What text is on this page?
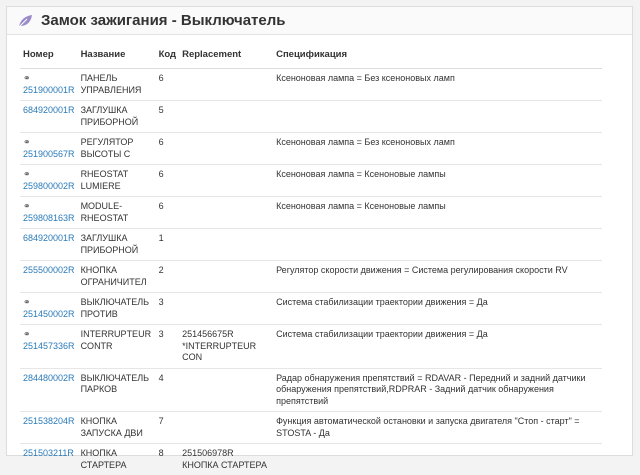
Замок зажигания - Выключатель
Номер	Название	Код	Replacement	Спецификация
⚭251900001R	ПАНЕЛЬ УПРАВЛЕНИЯ	6		Ксеноновая лампа = Без ксеноновых ламп
684920001R	ЗАГЛУШКА ПРИБОРНОЙ	5		
⚭251900567R	РЕГУЛЯТОР ВЫСОТЫ С	6		Ксеноновая лампа = Без ксеноновых ламп
⚭259800002R	RHEOSTAT LUMIERE	6		Ксеноновая лампа = Ксеноновые лампы
⚭259808163R	MODULE-RHEOSTAT	6		Ксеноновая лампа = Ксеноновые лампы
684920001R	ЗАГЛУШКА ПРИБОРНОЙ	1		
255500002R	КНОПКА ОГРАНИЧИТЕЛ	2		Регулятор скорости движения = Система регулирования скорости RV
⚭251450002R	ВЫКЛЮЧАТЕЛЬ ПРОТИВ	3		Система стабилизации траектории движения = Да
⚭251457336R	INTERRUPTEUR CONTR	3	251456675R *INTERRUPTEUR CON	Система стабилизации траектории движения = Да
284480002R	ВЫКЛЮЧАТЕЛЬ ПАРКОВ	4		Радар обнаружения препятствий = RDAVAR - Передний и задний датчики обнаружения препятствий,RDPRAR - Задний датчик обнаружения препятствий
251538204R	КНОПКА ЗАПУСКА ДВИ	7		Функция автоматической остановки и запуска двигателя "Стоп - старт" = STOSTA - Да
251503211R	КНОПКА СТАРТЕРА	8	251506978R КНОПКА СТАРТЕРА	
